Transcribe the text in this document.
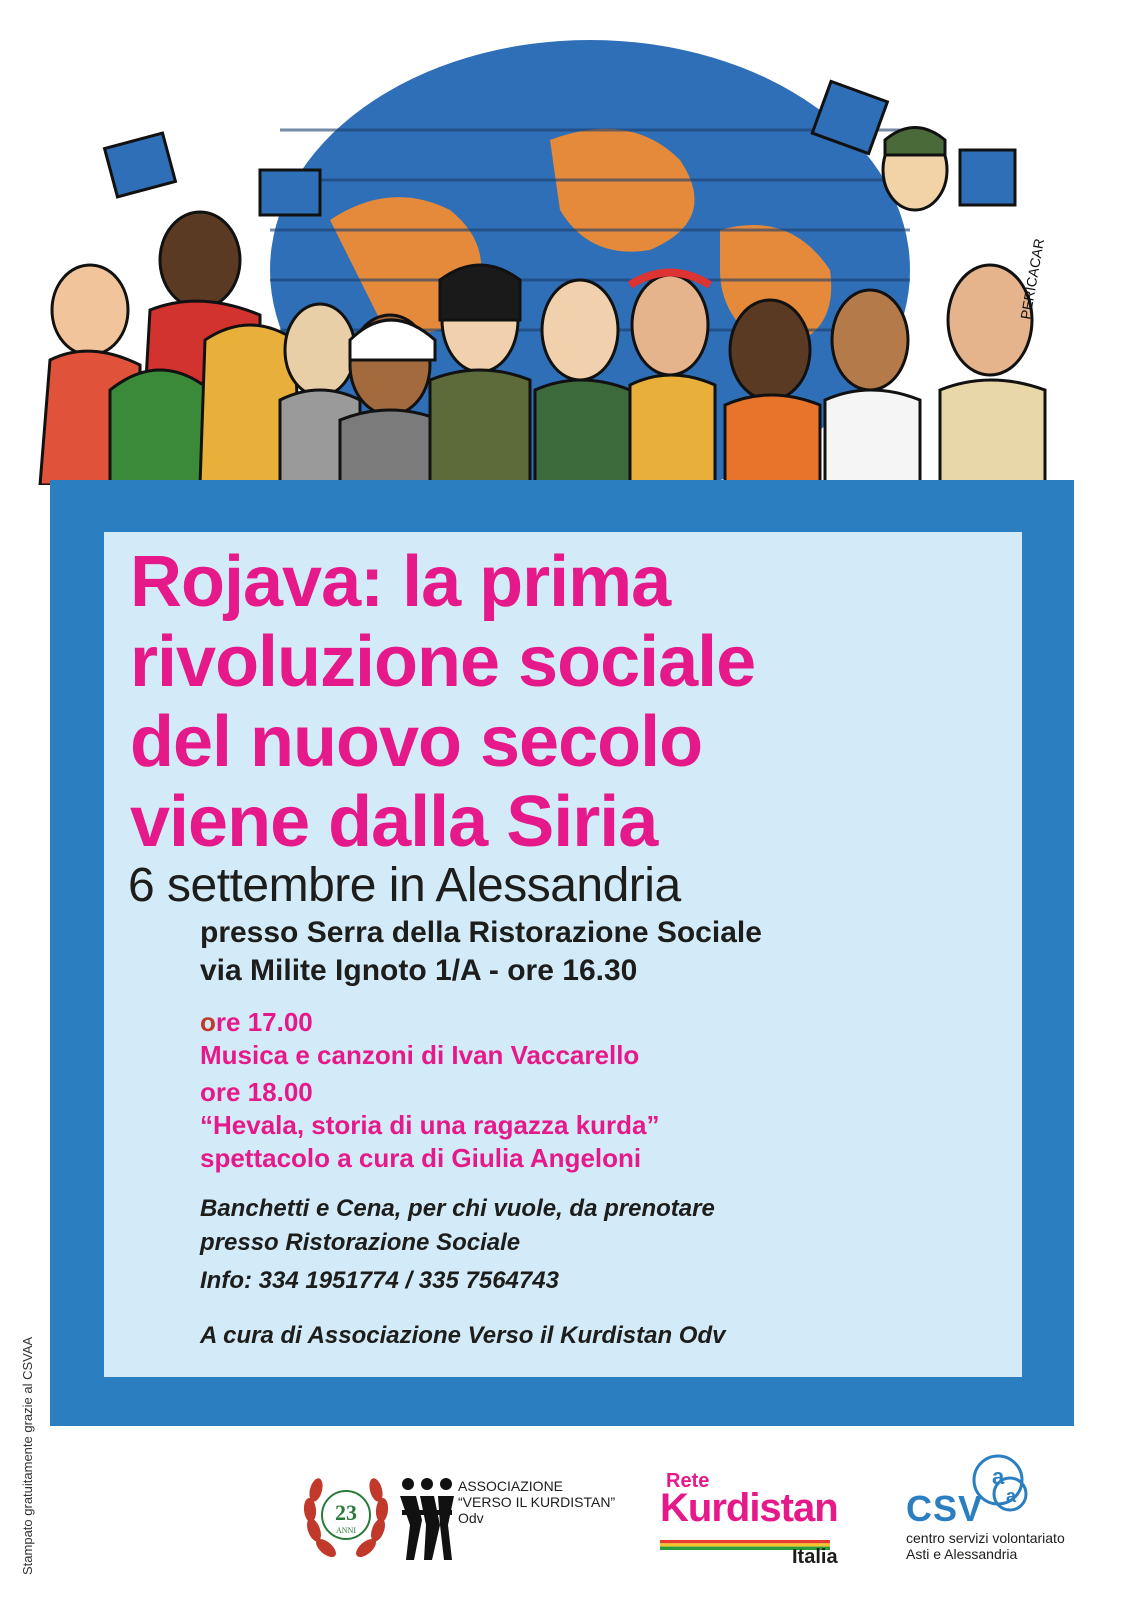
PERICACAR
Rojava: la prima
rivoluzione sociale
del nuovo secolo
viene dalla Siria
6 settembre in Alessandria
presso Serra della Ristorazione Sociale
via Milite Ignoto 1/A - ore 16.30
ore 17.00
Musica e canzoni di Ivan Vaccarello
ore 18.00
“Hevala, storia di una ragazza kurda”
spettacolo a cura di Giulia Angeloni
Banchetti e Cena, per chi vuole, da prenotare
presso Ristorazione Sociale
Info: 334 1951774 / 335 7564743
A cura di Associazione Verso il Kurdistan Odv
Stampato gratuitamente grazie al CSVAA	23
ANNI
ASSOCIAZIONE
“VERSO IL KURDISTAN”
Odv
Rete
Kurdistan
Italia
a
a
CSV
centro servizi volontariato
Asti e Alessandria
